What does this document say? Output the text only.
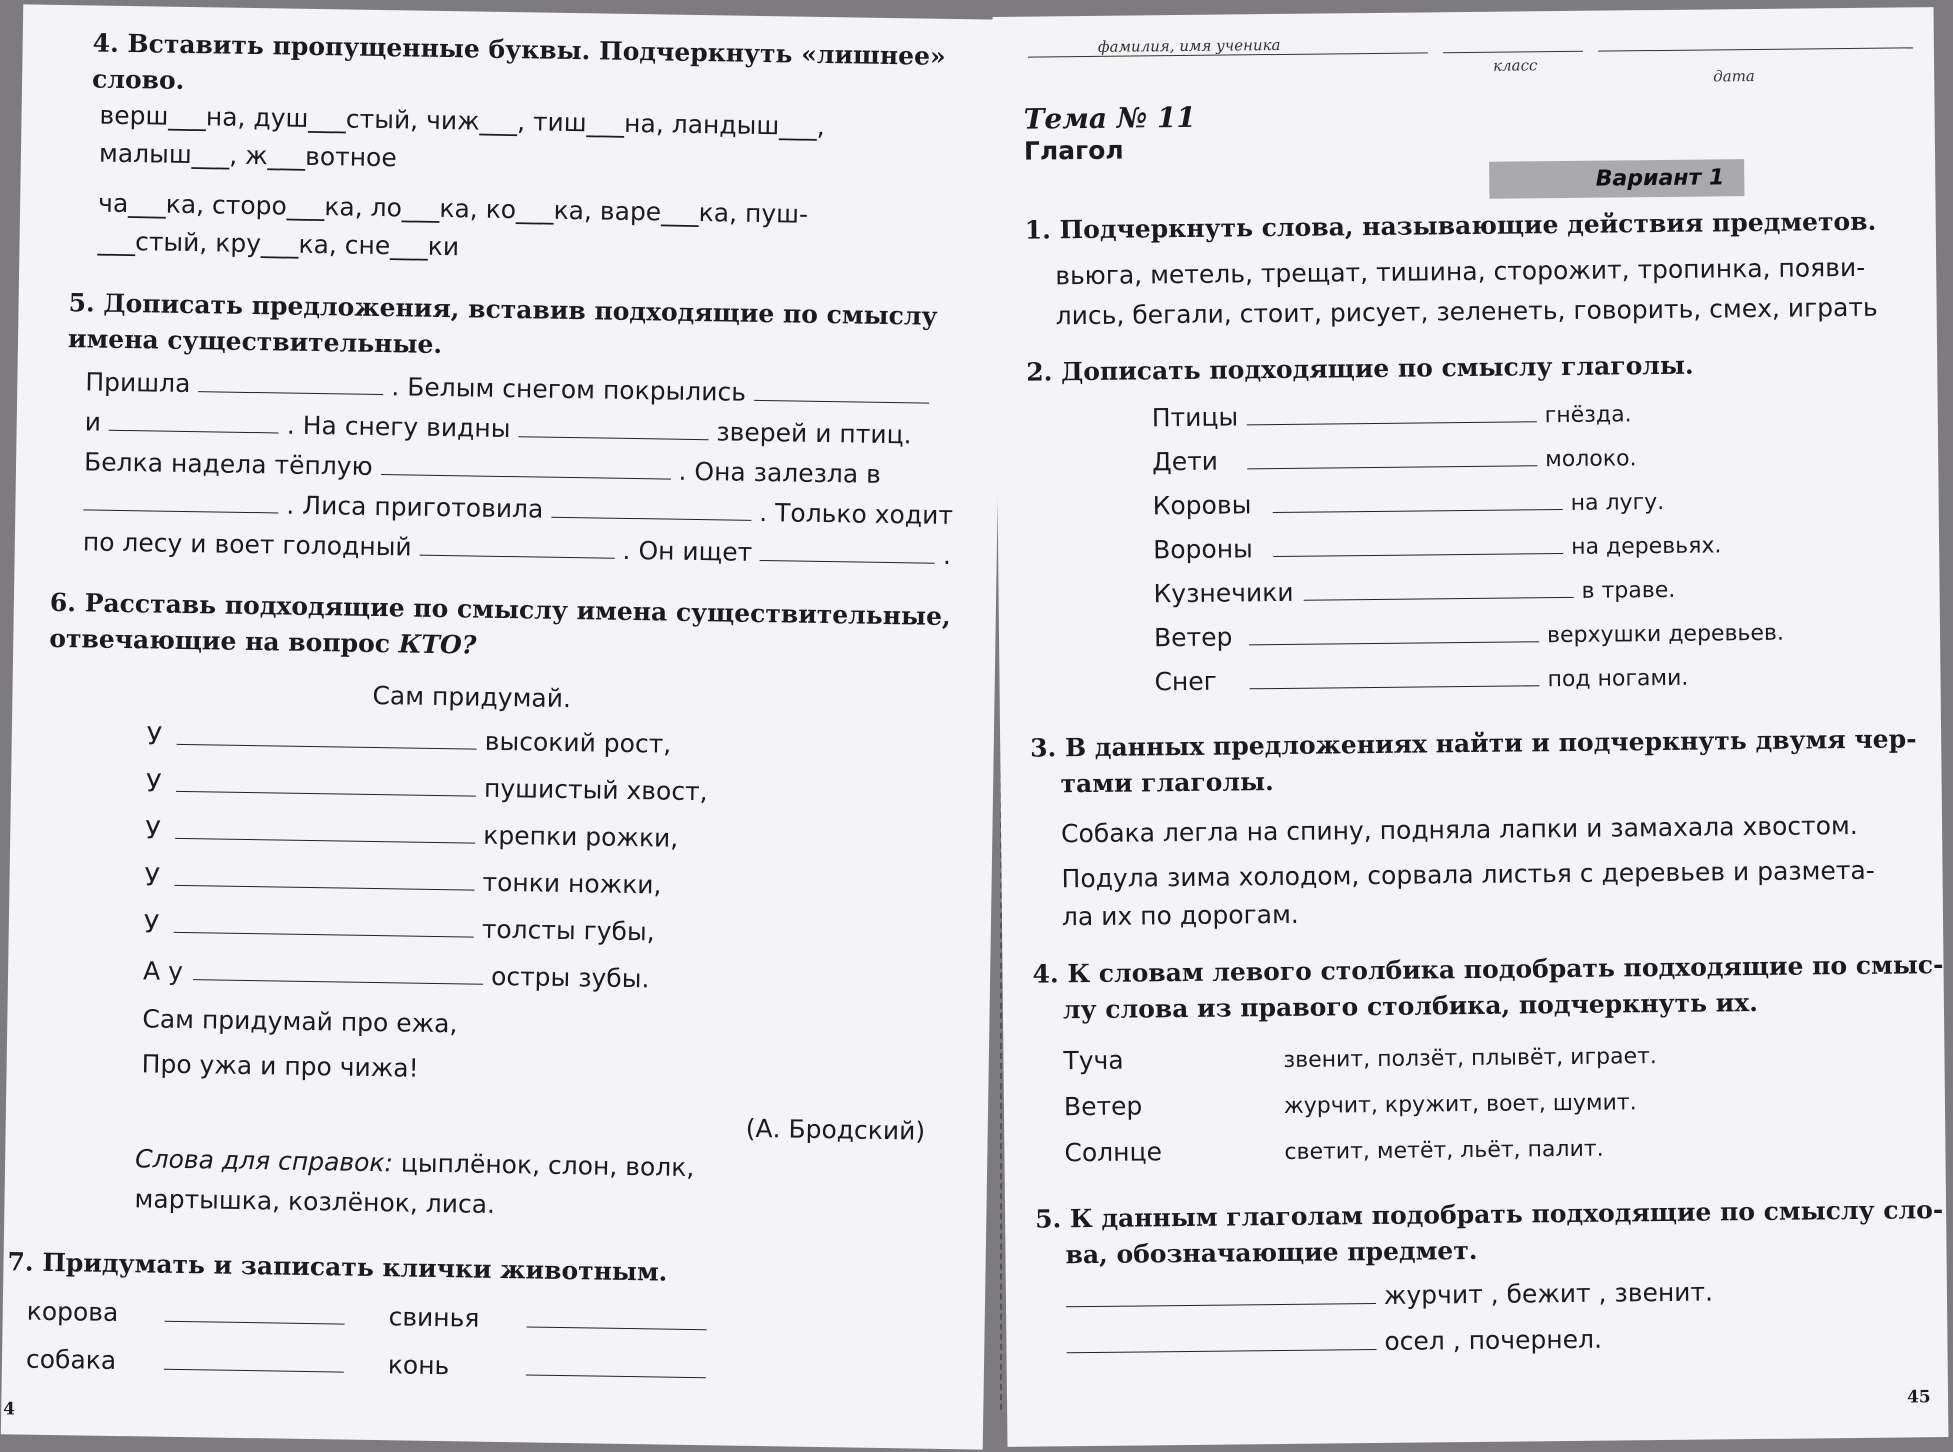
4. Вставить пропущенные буквы. Подчеркнуть «лишнее» слово.
верш___на, душ___стый, чиж___, тиш___на, ландыш___,
малыш___, ж___вотное
ча___ка, сторо___ка, ло___ка, ко___ка, варе___ка, пуш-
___стый, кру___ка, сне___ки
5. Дописать предложения, вставив подходящие по смыслу имена существительные.
Пришла	. Белым снегом покрылись
и	. На снегу видны	зверей и птиц.
Белка надела тёплую	. Она залезла в
. Лиса приготовила	. Только ходит
по лесу и воет голодный	. Он ищет	.
6. Расставь подходящие по смыслу имена существительные, отвечающие на вопрос КТО?
Сам придумай.
У	высокий рост,
У	пушистый хвост,
У	крепки рожки,
У	тонки ножки,
У	толсты губы,
А у	остры зубы.
Сам придумай про ежа,
Про ужа и про чижа!
(А. Бродский)
Слова для справок: цыплёнок, слон, волк,
мартышка, козлёнок, лиса.
7. Придумать и записать клички животным.
корова	свинья
собака	конь
4
фамилия, имя ученика
класс
дата
Тема № 11
Глагол
Вариант 1
1. Подчеркнуть слова, называющие действия предметов.
вьюга, метель, трещат, тишина, сторожит, тропинка, появи-
лись, бегали, стоит, рисует, зеленеть, говорить, смех, играть
2. Дописать подходящие по смыслу глаголы.
Птицы	гнёзда.
Дети	молоко.
Коровы	на лугу.
Вороны	на деревьях.
Кузнечики	в траве.
Ветер	верхушки деревьев.
Снег	под ногами.
3. В данных предложениях найти и подчеркнуть двумя чер-
тами глаголы.
Собака легла на спину, подняла лапки и замахала хвостом.
Подула зима холодом, сорвала листья с деревьев и размета-
ла их по дорогам.
4. К словам левого столбика подобрать подходящие по смыс-
лу слова из правого столбика, подчеркнуть их.
Туча	звенит, ползёт, плывёт, играет.
Ветер	журчит, кружит, воет, шумит.
Солнце	светит, метёт, льёт, палит.
5. К данным глаголам подобрать подходящие по смыслу сло-
ва, обозначающие предмет.
журчит , бежит , звенит.
осел , почернел.
45
